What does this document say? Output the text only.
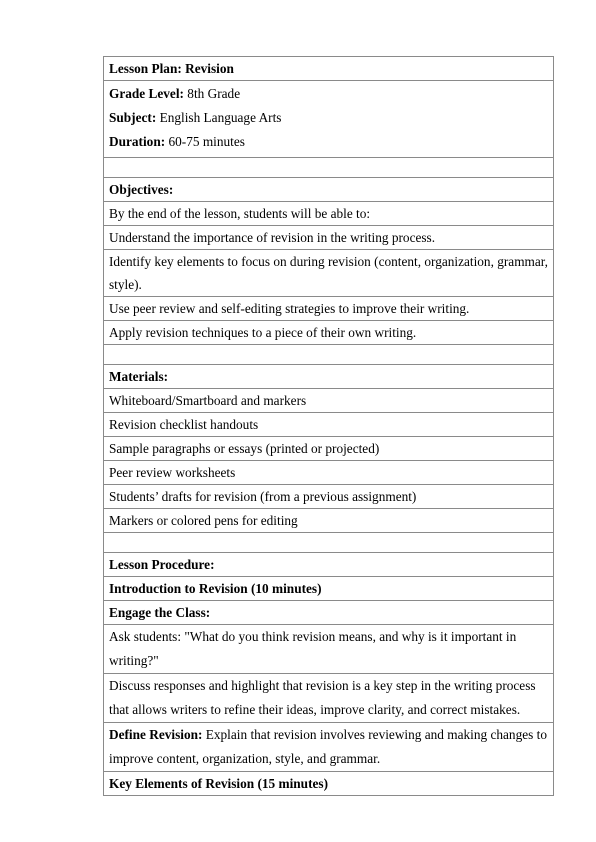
Lesson Plan: Revision

Grade Level: 8th Grade
Subject: English Language Arts
Duration: 60-75 minutes

Objectives:
By the end of the lesson, students will be able to:
Understand the importance of revision in the writing process.
Identify key elements to focus on during revision (content, organization, grammar, style).
Use peer review and self-editing strategies to improve their writing.
Apply revision techniques to a piece of their own writing.

Materials:
Whiteboard/Smartboard and markers
Revision checklist handouts
Sample paragraphs or essays (printed or projected)
Peer review worksheets
Students’ drafts for revision (from a previous assignment)
Markers or colored pens for editing

Lesson Procedure:
Introduction to Revision (10 minutes)
Engage the Class:
Ask students: "What do you think revision means, and why is it important in writing?"
Discuss responses and highlight that revision is a key step in the writing process that allows writers to refine their ideas, improve clarity, and correct mistakes.
Define Revision: Explain that revision involves reviewing and making changes to improve content, organization, style, and grammar.
Key Elements of Revision (15 minutes)
